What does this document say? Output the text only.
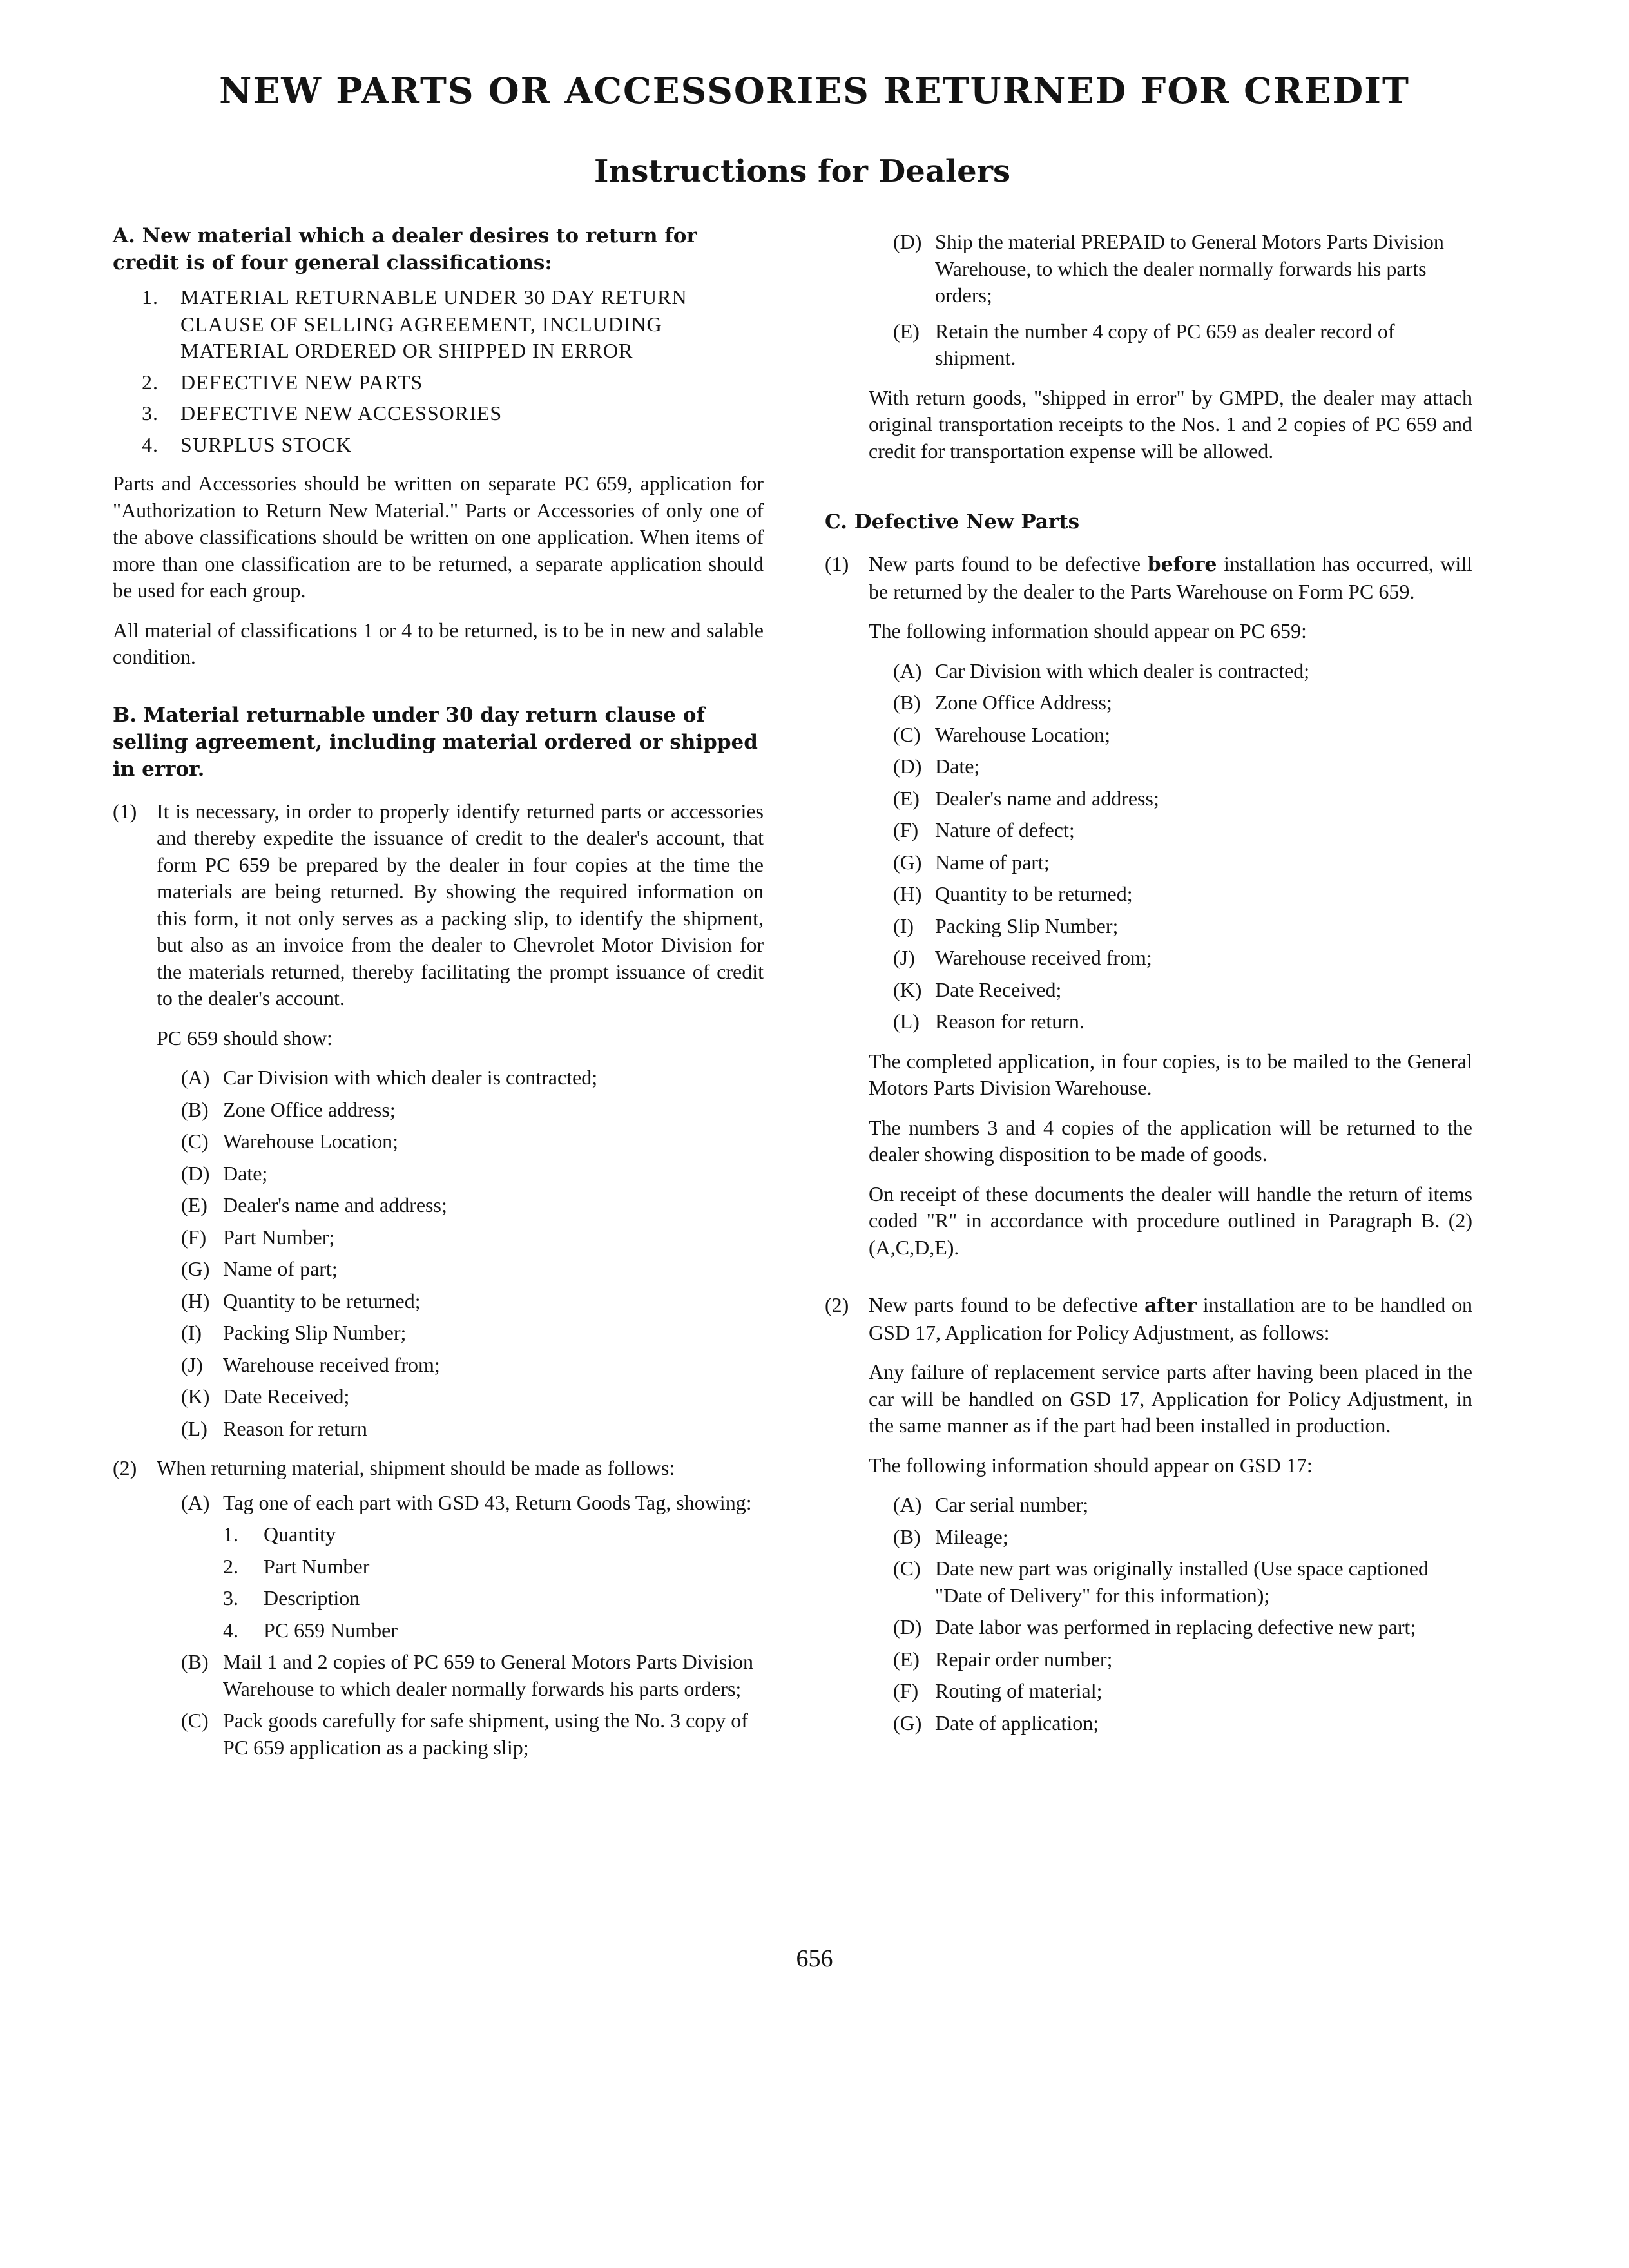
NEW PARTS OR ACCESSORIES RETURNED FOR CREDIT
Instructions for Dealers
A. New material which a dealer desires to return for credit is of four general classifications:
1. MATERIAL RETURNABLE UNDER 30 DAY RETURN CLAUSE OF SELLING AGREEMENT, INCLUDING MATERIAL ORDERED OR SHIPPED IN ERROR
2. DEFECTIVE NEW PARTS
3. DEFECTIVE NEW ACCESSORIES
4. SURPLUS STOCK

Parts and Accessories should be written on separate PC 659, application for "Authorization to Return New Material." Parts or Accessories of only one of the above classifications should be written on one application. When items of more than one classification are to be returned, a separate application should be used for each group.

All material of classifications 1 or 4 to be returned, is to be in new and salable condition.

B. Material returnable under 30 day return clause of selling agreement, including material ordered or shipped in error.
(1) It is necessary, in order to properly identify returned parts or accessories and thereby expedite the issuance of credit to the dealer's account, that form PC 659 be prepared by the dealer in four copies at the time the materials are being returned. By showing the required information on this form, it not only serves as a packing slip, to identify the shipment, but also as an invoice from the dealer to Chevrolet Motor Division for the materials returned, thereby facilitating the prompt issuance of credit to the dealer's account.

PC 659 should show:

(A) Car Division with which dealer is contracted;
(B) Zone Office address;
(C) Warehouse Location;
(D) Date;
(E) Dealer's name and address;
(F) Part Number;
(G) Name of part;
(H) Quantity to be returned;
(I) Packing Slip Number;
(J) Warehouse received from;
(K) Date Received;
(L) Reason for return
(2) When returning material, shipment should be made as follows:

(A) Tag one of each part with GSD 43, Return Goods Tag, showing:
1. Quantity
2. Part Number
3. Description
4. PC 659 Number
(B) Mail 1 and 2 copies of PC 659 to General Motors Parts Division Warehouse to which dealer normally forwards his parts orders;
(C) Pack goods carefully for safe shipment, using the No. 3 copy of PC 659 application as a packing slip;
(D) Ship the material PREPAID to General Motors Parts Division Warehouse, to which the dealer normally forwards his parts orders;
(E) Retain the number 4 copy of PC 659 as dealer record of shipment.

With return goods, "shipped in error" by GMPD, the dealer may attach original transportation receipts to the Nos. 1 and 2 copies of PC 659 and credit for transportation expense will be allowed.

C. Defective New Parts
(1) New parts found to be defective before installation has occurred, will be returned by the dealer to the Parts Warehouse on Form PC 659.

The following information should appear on PC 659:

(A) Car Division with which dealer is contracted;
(B) Zone Office Address;
(C) Warehouse Location;
(D) Date;
(E) Dealer's name and address;
(F) Nature of defect;
(G) Name of part;
(H) Quantity to be returned;
(I) Packing Slip Number;
(J) Warehouse received from;
(K) Date Received;
(L) Reason for return.

The completed application, in four copies, is to be mailed to the General Motors Parts Division Warehouse.

The numbers 3 and 4 copies of the application will be returned to the dealer showing disposition to be made of goods.

On receipt of these documents the dealer will handle the return of items coded "R" in accordance with procedure outlined in Paragraph B. (2) (A,C,D,E).

(2) New parts found to be defective after installation are to be handled on GSD 17, Application for Policy Adjustment, as follows:

Any failure of replacement service parts after having been placed in the car will be handled on GSD 17, Application for Policy Adjustment, in the same manner as if the part had been installed in production.

The following information should appear on GSD 17:

(A) Car serial number;
(B) Mileage;
(C) Date new part was originally installed (Use space captioned "Date of Delivery" for this information);
(D) Date labor was performed in replacing defective new part;
(E) Repair order number;
(F) Routing of material;
(G) Date of application;
656
